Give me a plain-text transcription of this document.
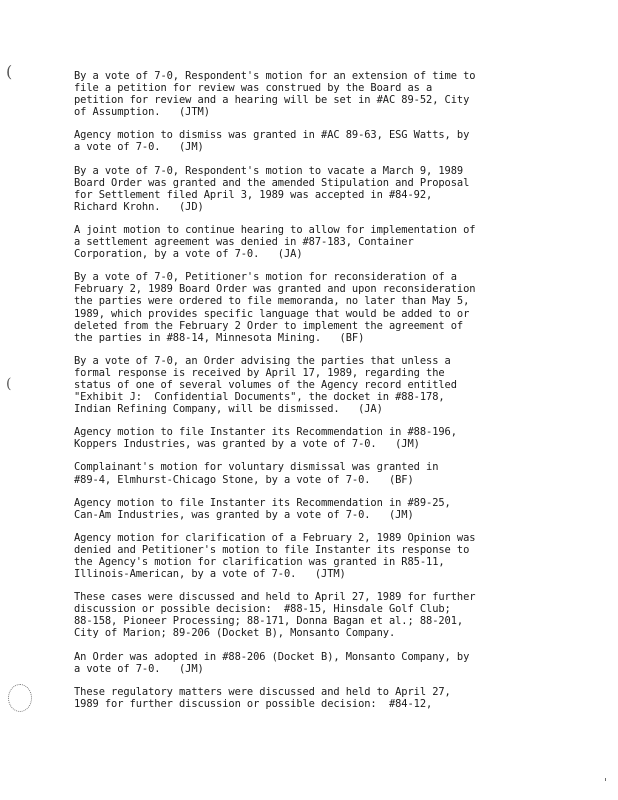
(
(
'
By a vote of 7-0, Respondent's motion for an extension of time to
file a petition for review was construed by the Board as a
petition for review and a hearing will be set in #AC 89-52, City
of Assumption.   (JTM)
Agency motion to dismiss was granted in #AC 89-63, ESG Watts, by
a vote of 7-0.   (JM)
By a vote of 7-0, Respondent's motion to vacate a March 9, 1989
Board Order was granted and the amended Stipulation and Proposal
for Settlement filed April 3, 1989 was accepted in #84-92,
Richard Krohn.   (JD)
A joint motion to continue hearing to allow for implementation of
a settlement agreement was denied in #87-183, Container
Corporation, by a vote of 7-0.   (JA)
By a vote of 7-0, Petitioner's motion for reconsideration of a
February 2, 1989 Board Order was granted and upon reconsideration
the parties were ordered to file memoranda, no later than May 5,
1989, which provides specific language that would be added to or
deleted from the February 2 Order to implement the agreement of
the parties in #88-14, Minnesota Mining.   (BF)
By a vote of 7-0, an Order advising the parties that unless a
formal response is received by April 17, 1989, regarding the
status of one of several volumes of the Agency record entitled
"Exhibit J:  Confidential Documents", the docket in #88-178,
Indian Refining Company, will be dismissed.   (JA)
Agency motion to file Instanter its Recommendation in #88-196,
Koppers Industries, was granted by a vote of 7-0.   (JM)
Complainant's motion for voluntary dismissal was granted in
#89-4, Elmhurst-Chicago Stone, by a vote of 7-0.   (BF)
Agency motion to file Instanter its Recommendation in #89-25,
Can-Am Industries, was granted by a vote of 7-0.   (JM)
Agency motion for clarification of a February 2, 1989 Opinion was
denied and Petitioner's motion to file Instanter its response to
the Agency's motion for clarification was granted in R85-11,
Illinois-American, by a vote of 7-0.   (JTM)
These cases were discussed and held to April 27, 1989 for further
discussion or possible decision:  #88-15, Hinsdale Golf Club;
88-158, Pioneer Processing; 88-171, Donna Bagan et al.; 88-201,
City of Marion; 89-206 (Docket B), Monsanto Company.
An Order was adopted in #88-206 (Docket B), Monsanto Company, by
a vote of 7-0.   (JM)
These regulatory matters were discussed and held to April 27,
1989 for further discussion or possible decision:  #84-12,
